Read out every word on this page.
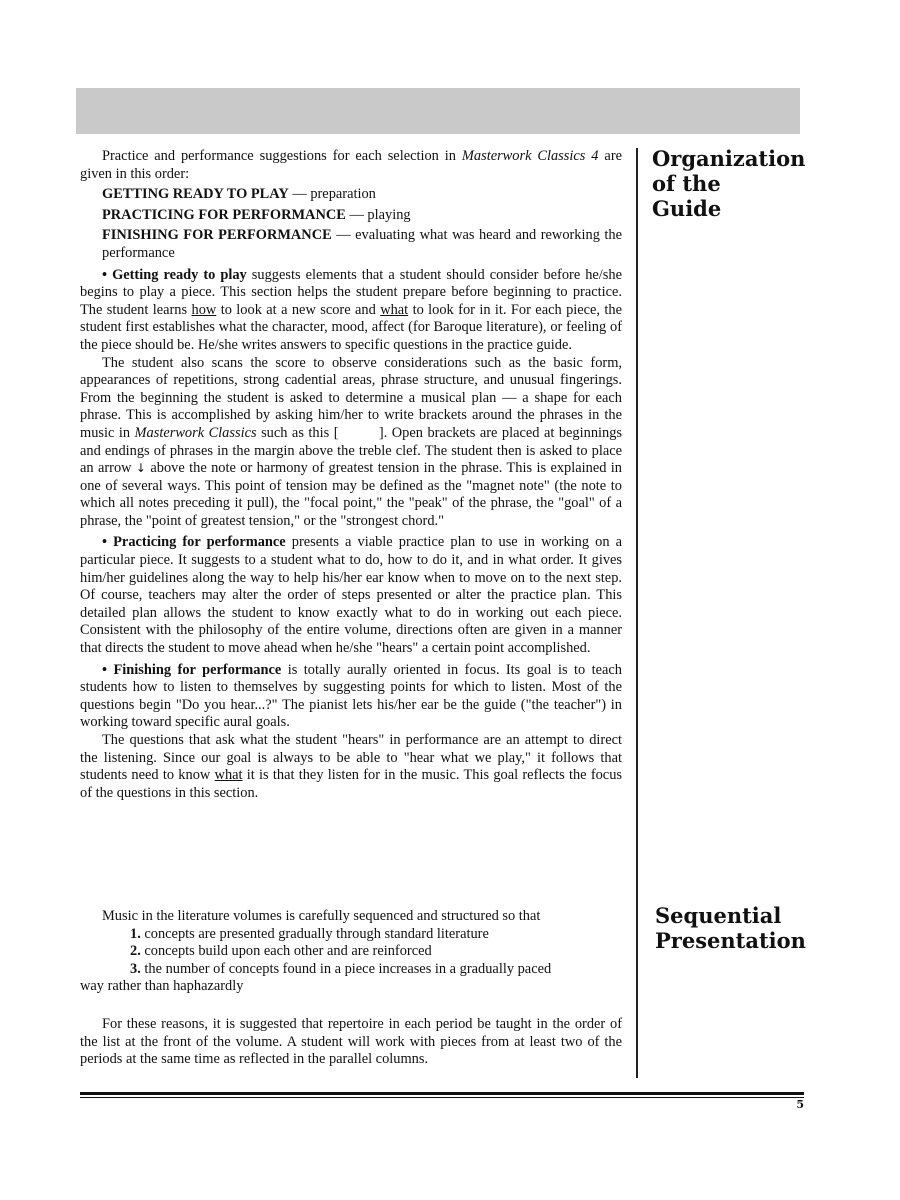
Practice and performance suggestions for each selection in Masterwork Classics 4 are given in this order:

GETTING READY TO PLAY — preparation

PRACTICING FOR PERFORMANCE — playing

FINISHING FOR PERFORMANCE — evaluating what was heard and reworking the performance

• Getting ready to play suggests elements that a student should consider before he/she begins to play a piece. This section helps the student prepare before beginning to practice. The student learns how to look at a new score and what to look for in it. For each piece, the student first establishes what the character, mood, affect (for Baroque literature), or feeling of the piece should be. He/she writes answers to specific questions in the practice guide.

The student also scans the score to observe considerations such as the basic form, appearances of repetitions, strong cadential areas, phrase structure, and unusual fingerings. From the beginning the student is asked to determine a musical plan — a shape for each phrase. This is accomplished by asking him/her to write brackets around the phrases in the music in Masterwork Classics such as this [	]. Open brackets are placed at beginnings and endings of phrases in the margin above the treble clef. The student then is asked to place an arrow ↓ above the note or harmony of greatest tension in the phrase. This is explained in one of several ways. This point of tension may be defined as the "magnet note" (the note to which all notes preceding it pull), the "focal point," the "peak" of the phrase, the "goal" of a phrase, the "point of greatest tension," or the "strongest chord."

• Practicing for performance presents a viable practice plan to use in working on a particular piece. It suggests to a student what to do, how to do it, and in what order. It gives him/her guidelines along the way to help his/her ear know when to move on to the next step. Of course, teachers may alter the order of steps presented or alter the practice plan. This detailed plan allows the student to know exactly what to do in working out each piece. Consistent with the philosophy of the entire volume, directions often are given in a manner that directs the student to move ahead when he/she "hears" a certain point accomplished.

• Finishing for performance is totally aurally oriented in focus. Its goal is to teach students how to listen to themselves by suggesting points for which to listen. Most of the questions begin "Do you hear...?" The pianist lets his/her ear be the guide ("the teacher") in working toward specific aural goals.

The questions that ask what the student "hears" in performance are an attempt to direct the listening. Since our goal is always to be able to "hear what we play," it follows that students need to know what it is that they listen for in the music. This goal reflects the focus of the questions in this section.

Organization
of the
Guide

Music in the literature volumes is carefully sequenced and structured so that

1. concepts are presented gradually through standard literature

2. concepts build upon each other and are reinforced

3. the number of concepts found in a piece increases in a gradually paced

way rather than haphazardly

For these reasons, it is suggested that repertoire in each period be taught in the order of the list at the front of the volume. A student will work with pieces from at least two of the periods at the same time as reflected in the parallel columns.

Sequential
Presentation
5
